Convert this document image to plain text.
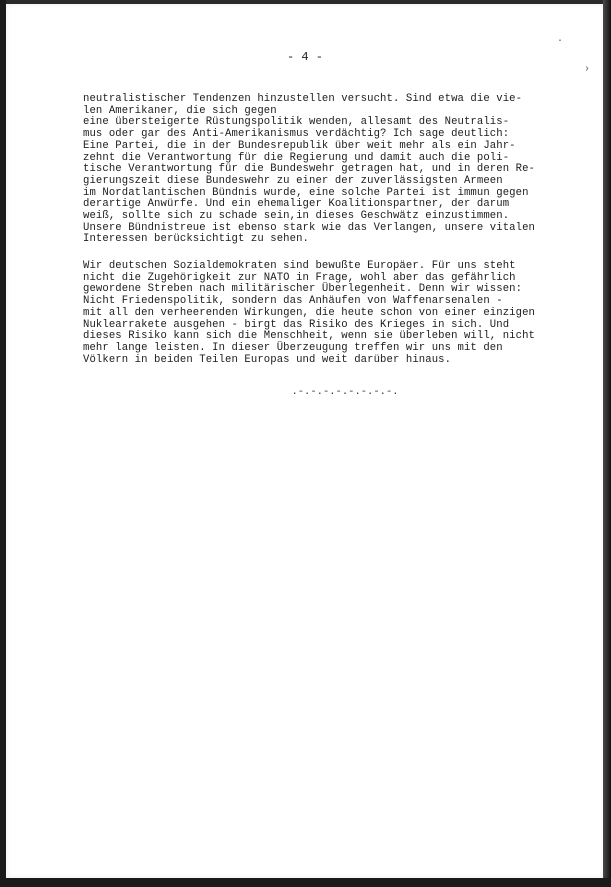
- 4 -

neutralistischer Tendenzen hinzustellen versucht. Sind etwa die vie-
len Amerikaner, die sich gegen
eine übersteigerte Rüstungspolitik wenden, allesamt des Neutralis-
mus oder gar des Anti-Amerikanismus verdächtig? Ich sage deutlich:
Eine Partei, die in der Bundesrepublik über weit mehr als ein Jahr-
zehnt die Verantwortung für die Regierung und damit auch die poli-
tische Verantwortung für die Bundeswehr getragen hat, und in deren Re-
gierungszeit diese Bundeswehr zu einer der zuverlässigsten Armeen
im Nordatlantischen Bündnis wurde, eine solche Partei ist immun gegen
derartige Anwürfe. Und ein ehemaliger Koalitionspartner, der darum
weiß, sollte sich zu schade sein,in dieses Geschwätz einzustimmen.
Unsere Bündnistreue ist ebenso stark wie das Verlangen, unsere vitalen
Interessen berücksichtigt zu sehen.

Wir deutschen Sozialdemokraten sind bewußte Europäer. Für uns steht
nicht die Zugehörigkeit zur NATO in Frage, wohl aber das gefährlich
gewordene Streben nach militärischer Überlegenheit. Denn wir wissen:
Nicht Friedenspolitik, sondern das Anhäufen von Waffenarsenalen -
mit all den verheerenden Wirkungen, die heute schon von einer einzigen
Nuklearrakete ausgehen - birgt das Risiko des Krieges in sich. Und
dieses Risiko kann sich die Menschheit, wenn sie überleben will, nicht
mehr lange leisten. In dieser Überzeugung treffen wir uns mit den
Völkern in beiden Teilen Europas und weit darüber hinaus.

.-.-.-.-.-.-.-.-.
·
›
